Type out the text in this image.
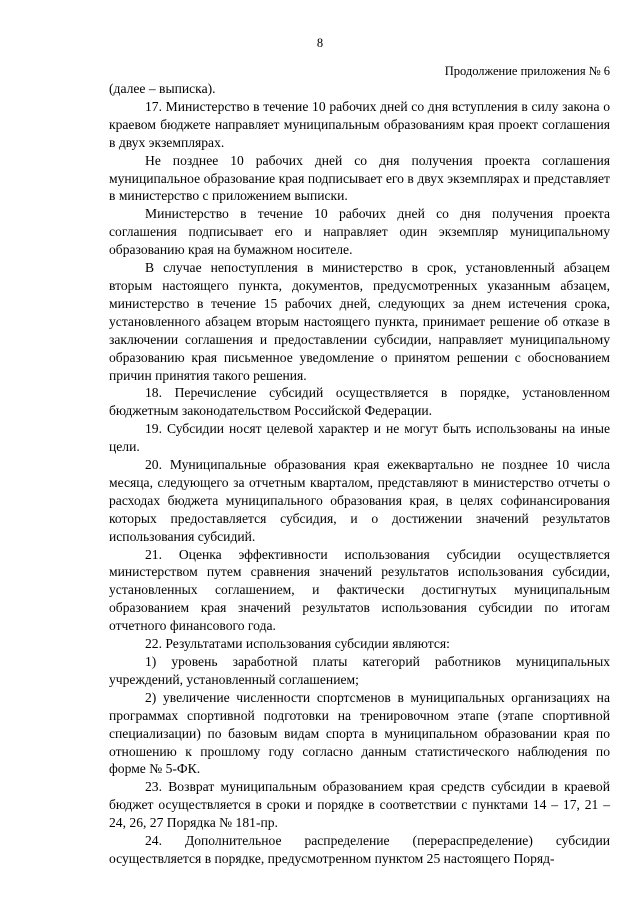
8
Продолжение приложения № 6

(далее – выписка).

17. Министерство в течение 10 рабочих дней со дня вступления в силу закона о краевом бюджете направляет муниципальным образованиям края проект соглашения в двух экземплярах.

Не позднее 10 рабочих дней со дня получения проекта соглашения муниципальное образование края подписывает его в двух экземплярах и представляет в министерство с приложением выписки.

Министерство в течение 10 рабочих дней со дня получения проекта соглашения подписывает его и направляет один экземпляр муниципальному образованию края на бумажном носителе.

В случае непоступления в министерство в срок, установленный абзацем вторым настоящего пункта, документов, предусмотренных указанным абзацем, министерство в течение 15 рабочих дней, следующих за днем истечения срока, установленного абзацем вторым настоящего пункта, принимает решение об отказе в заключении соглашения и предоставлении субсидии, направляет муниципальному образованию края письменное уведомление о принятом решении с обоснованием причин принятия такого решения.

18. Перечисление субсидий осуществляется в порядке, установленном бюджетным законодательством Российской Федерации.

19. Субсидии носят целевой характер и не могут быть использованы на иные цели.

20. Муниципальные образования края ежеквартально не позднее 10 числа месяца, следующего за отчетным кварталом, представляют в министерство отчеты о расходах бюджета муниципального образования края, в целях софинансирования которых предоставляется субсидия, и о достижении значений результатов использования субсидий.

21. Оценка эффективности использования субсидии осуществляется министерством путем сравнения значений результатов использования субсидии, установленных соглашением, и фактически достигнутых муниципальным образованием края значений результатов использования субсидии по итогам отчетного финансового года.

22. Результатами использования субсидии являются:

1) уровень заработной платы категорий работников муниципальных учреждений, установленный соглашением;

2) увеличение численности спортсменов в муниципальных организациях на программах спортивной подготовки на тренировочном этапе (этапе спортивной специализации) по базовым видам спорта в муниципальном образовании края по отношению к прошлому году согласно данным статистического наблюдения по форме № 5-ФК.

23. Возврат муниципальным образованием края средств субсидии в краевой бюджет осуществляется в сроки и порядке в соответствии с пунктами 14 – 17, 21 – 24, 26, 27 Порядка № 181-пр.

24. Дополнительное распределение (перераспределение) субсидии осуществляется в порядке, предусмотренном пунктом 25 настоящего Поряд-
